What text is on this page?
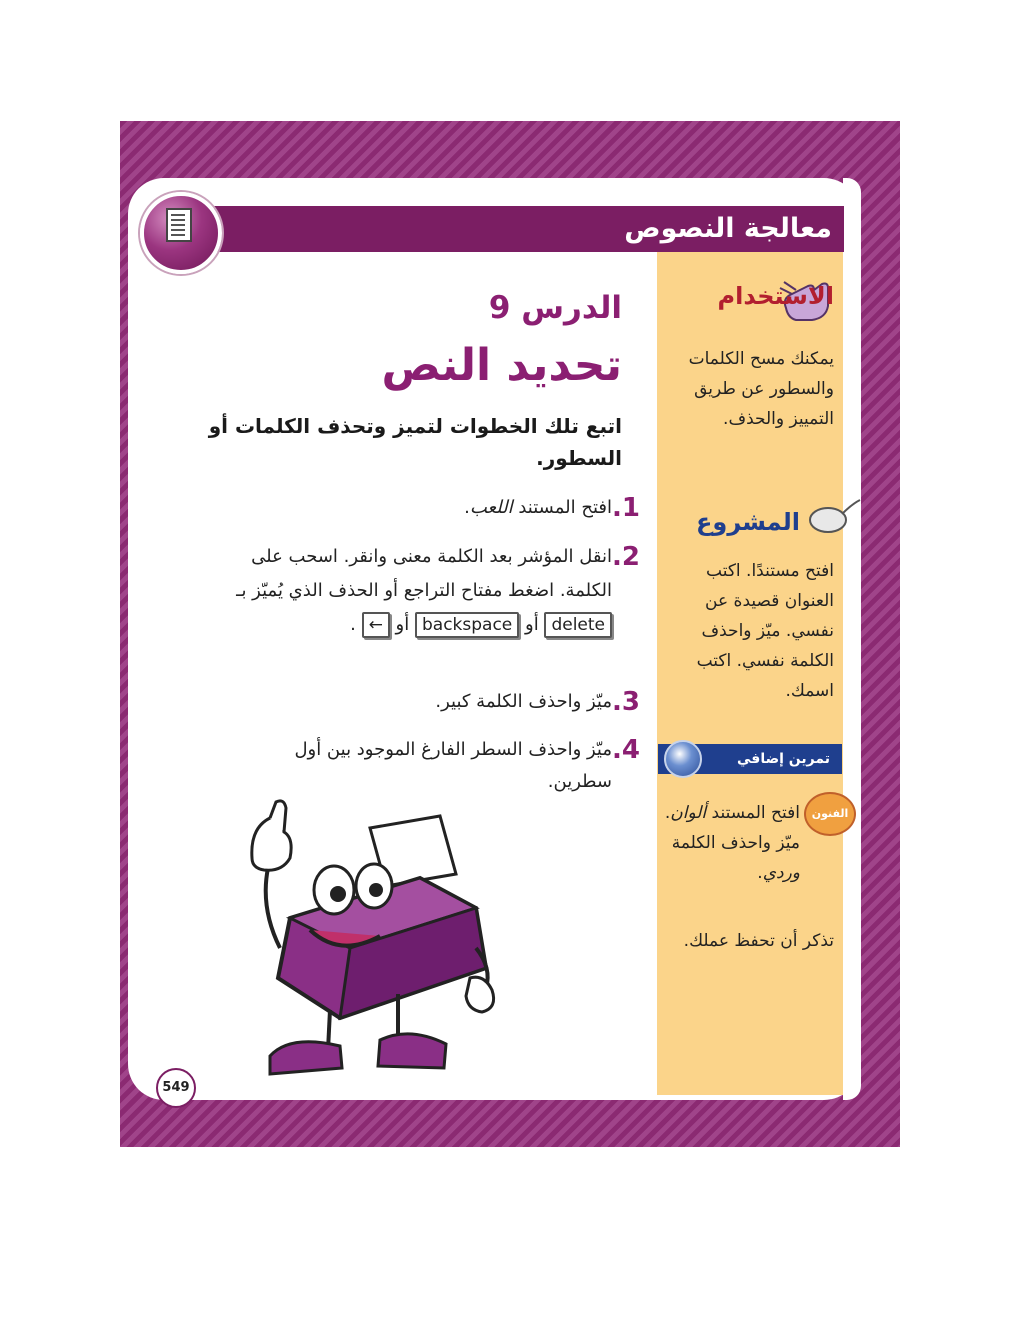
معالجة النصوص
الدرس 9
تحديد النص
اتبع تلك الخطوات لتميز وتحذف الكلمات أو السطور.
1.
افتح المستند اللعب.
2.
انقل المؤشر بعد الكلمة معنى وانقر. اسحب على الكلمة. اضغط مفتاح التراجع أو الحذف الذي يُميّز بـ delete أو backspace أو ← .
3.
ميّز واحذف الكلمة كبير.
4.
ميّز واحذف السطر الفارغ الموجود بين أول سطرين.
الاستخدام
يمكنك مسح الكلمات والسطور عن طريق التمييز والحذف.
المشروع
افتح مستندًا. اكتب العنوان قصيدة عن نفسي. ميّز واحذف الكلمة نفسي. اكتب اسمك.
تمرين إضافي
الفنون
افتح المستند ألوان. ميّز واحذف الكلمة وردي.
تذكر أن تحفظ عملك.
549
